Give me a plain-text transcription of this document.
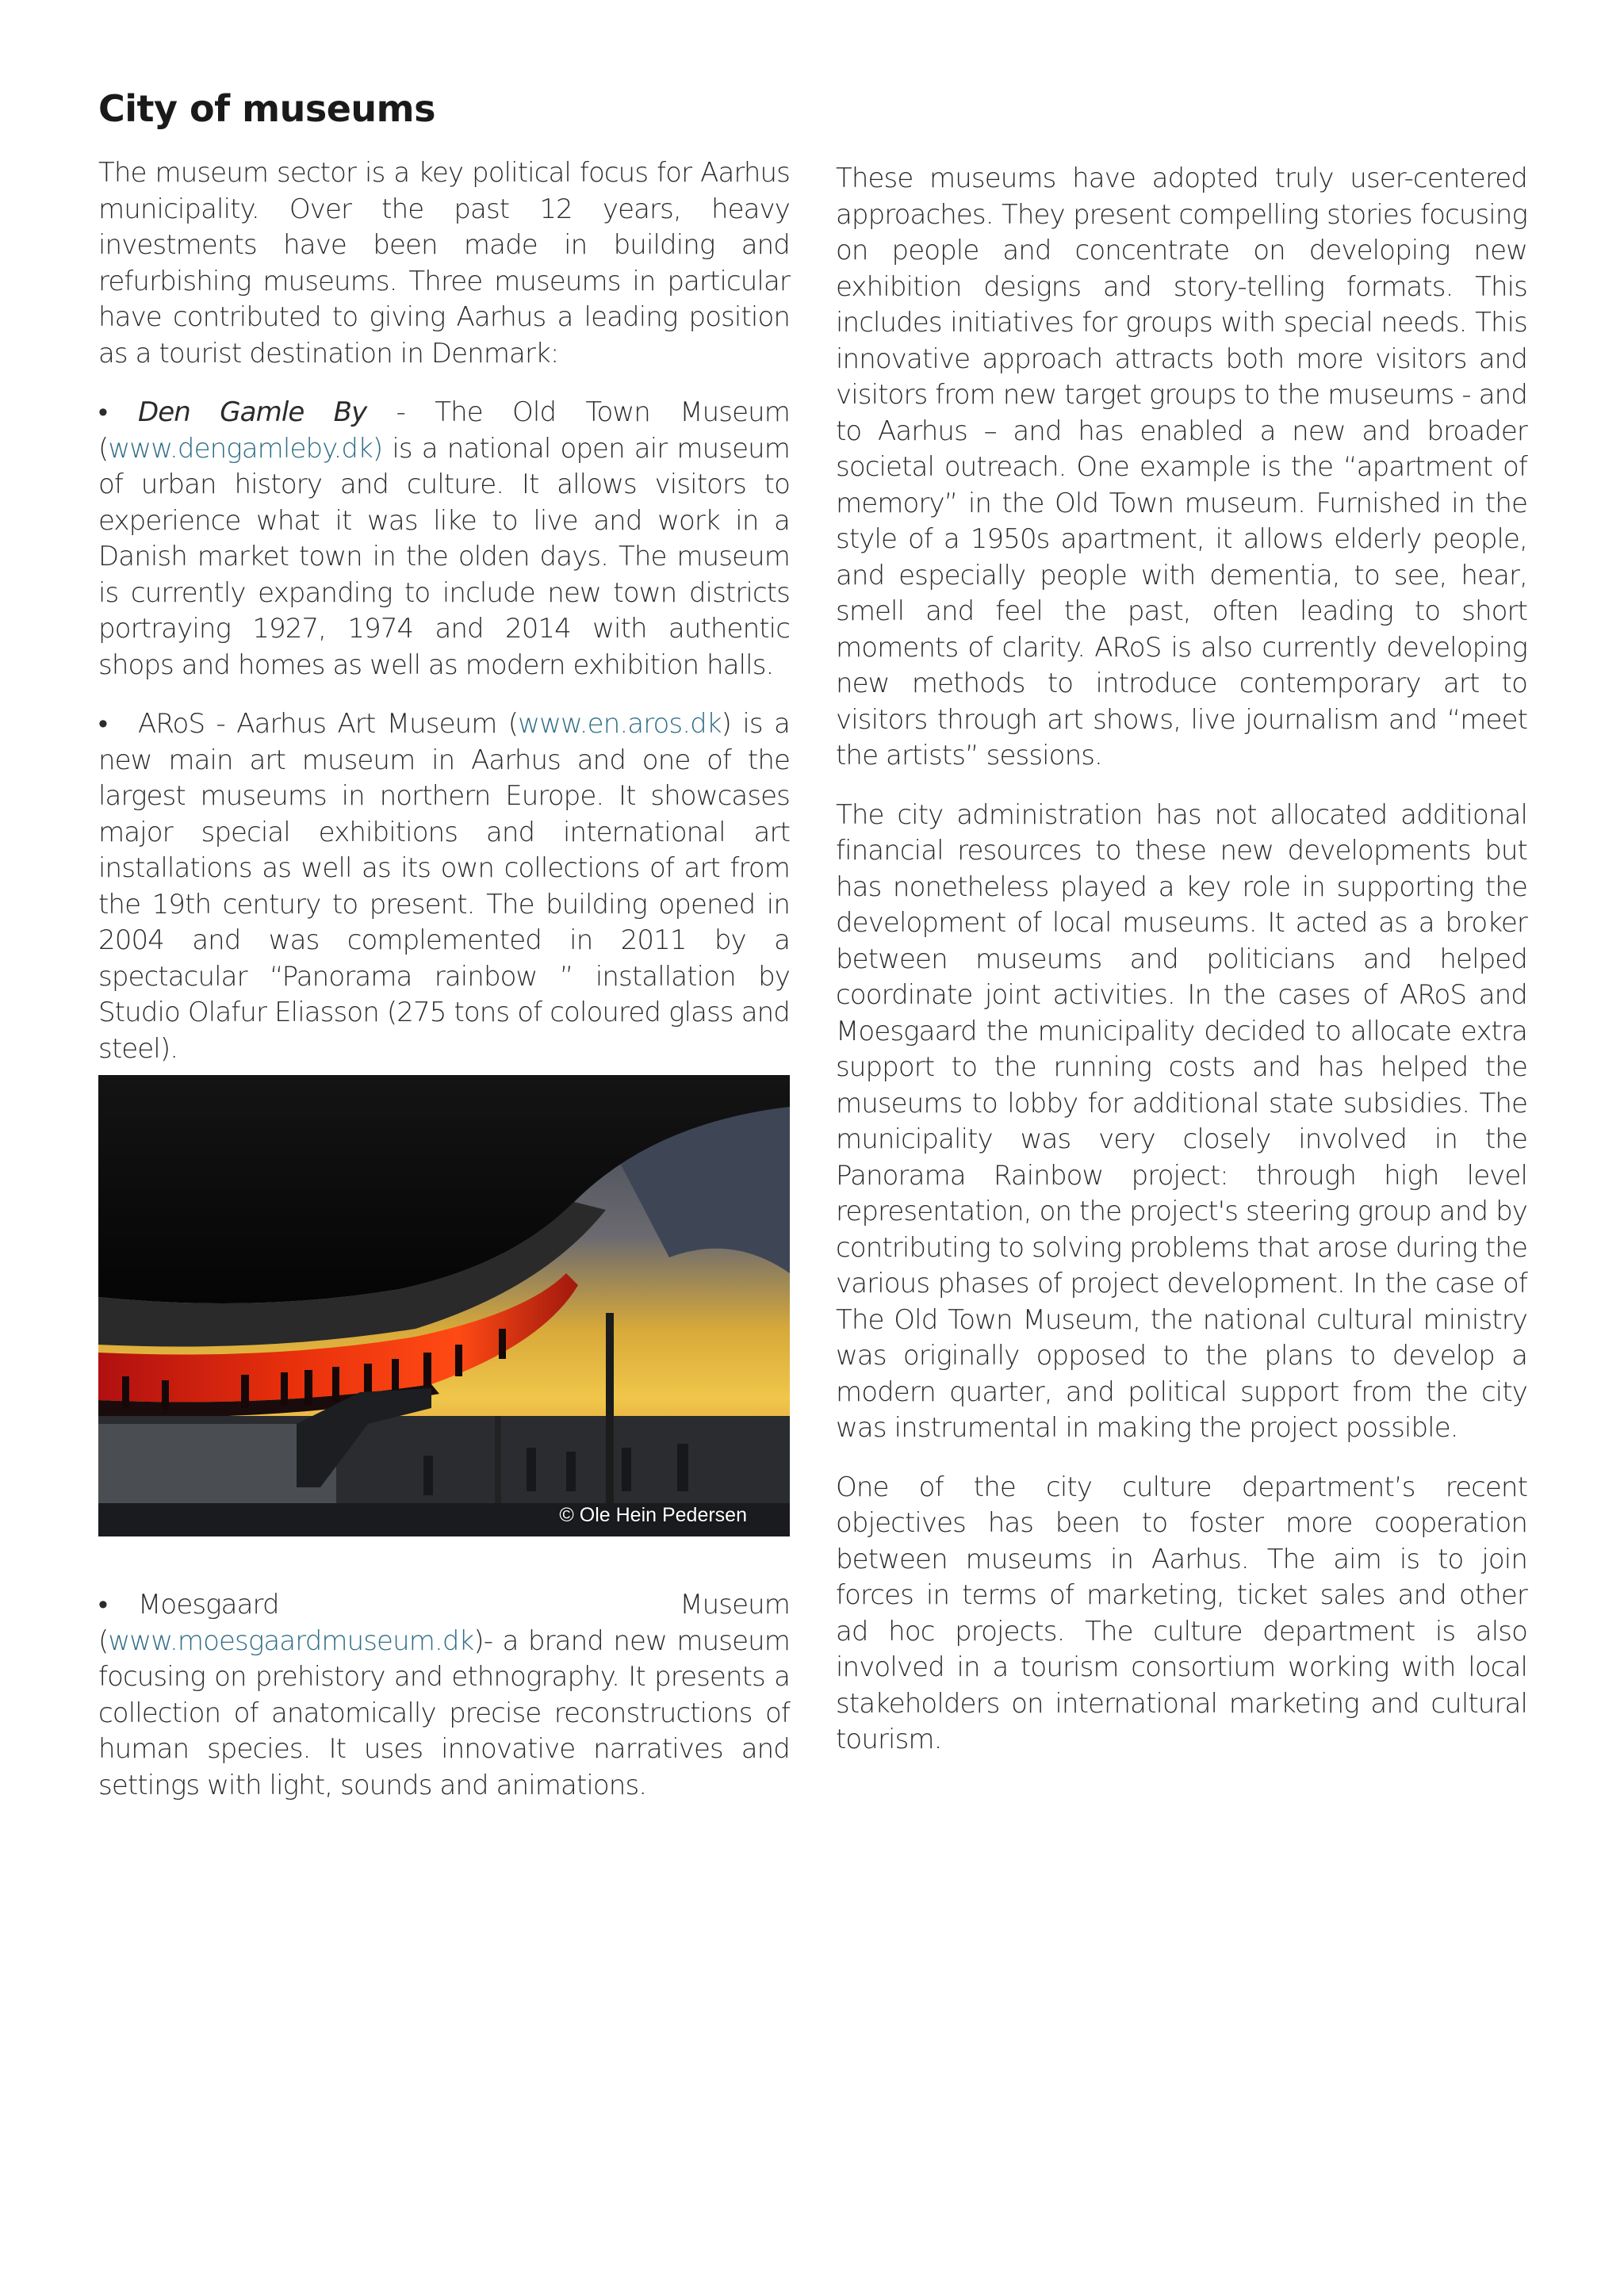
City of museums

The museum sector is a key political focus for Aarhus municipality. Over the past 12 years, heavy investments have been made in building and refurbishing museums. Three museums in particular have contributed to giving Aarhus a leading position as a tourist destination in Denmark:

• Den Gamle By - The Old Town Museum (www.dengamleby.dk) is a national open air museum of urban history and culture. It allows visitors to experience what it was like to live and work in a Danish market town in the olden days. The museum is currently expanding to include new town districts portraying 1927, 1974 and 2014 with authentic shops and homes as well as modern exhibition halls.

• ARoS - Aarhus Art Museum (www.en.aros.dk) is a new main art museum in Aarhus and one of the largest museums in northern Europe. It showcases major special exhibitions and international art installations as well as its own collections of art from the 19th century to present. The building opened in 2004 and was complemented in 2011 by a spectacular “Panorama rainbow ” installation by Studio Olafur Eliasson (275 tons of coloured glass and steel).

© Ole Hein Pedersen

• Moesgaard Museum (www.moesgaardmuseum.dk)- a brand new museum focusing on prehistory and ethnography. It presents a collection of anatomically precise reconstructions of human species. It uses innovative narratives and settings with light, sounds and animations.

These museums have adopted truly user-centered approaches. They present compelling stories focusing on people and concentrate on developing new exhibition designs and story-telling formats. This includes initiatives for groups with special needs. This innovative approach attracts both more visitors and visitors from new target groups to the museums - and to Aarhus – and has enabled a new and broader societal outreach. One example is the “apartment of memory” in the Old Town museum. Furnished in the style of a 1950s apartment, it allows elderly people, and especially people with dementia, to see, hear, smell and feel the past, often leading to short moments of clarity. ARoS is also currently developing new methods to introduce contemporary art to visitors through art shows, live journalism and “meet the artists” sessions.

The city administration has not allocated additional financial resources to these new developments but has nonetheless played a key role in supporting the development of local museums. It acted as a broker between museums and politicians and helped coordinate joint activities. In the cases of ARoS and Moesgaard the municipality decided to allocate extra support to the running costs and has helped the museums to lobby for additional state subsidies. The municipality was very closely involved in the Panorama Rainbow project: through high level representation, on the project's steering group and by contributing to solving problems that arose during the various phases of project development. In the case of The Old Town Museum, the national cultural ministry was originally opposed to the plans to develop a modern quarter, and political support from the city was instrumental in making the project possible.

One of the city culture department’s recent objectives has been to foster more cooperation between museums in Aarhus. The aim is to join forces in terms of marketing, ticket sales and other ad hoc projects. The culture department is also involved in a tourism consortium working with local stakeholders on international marketing and cultural tourism.
